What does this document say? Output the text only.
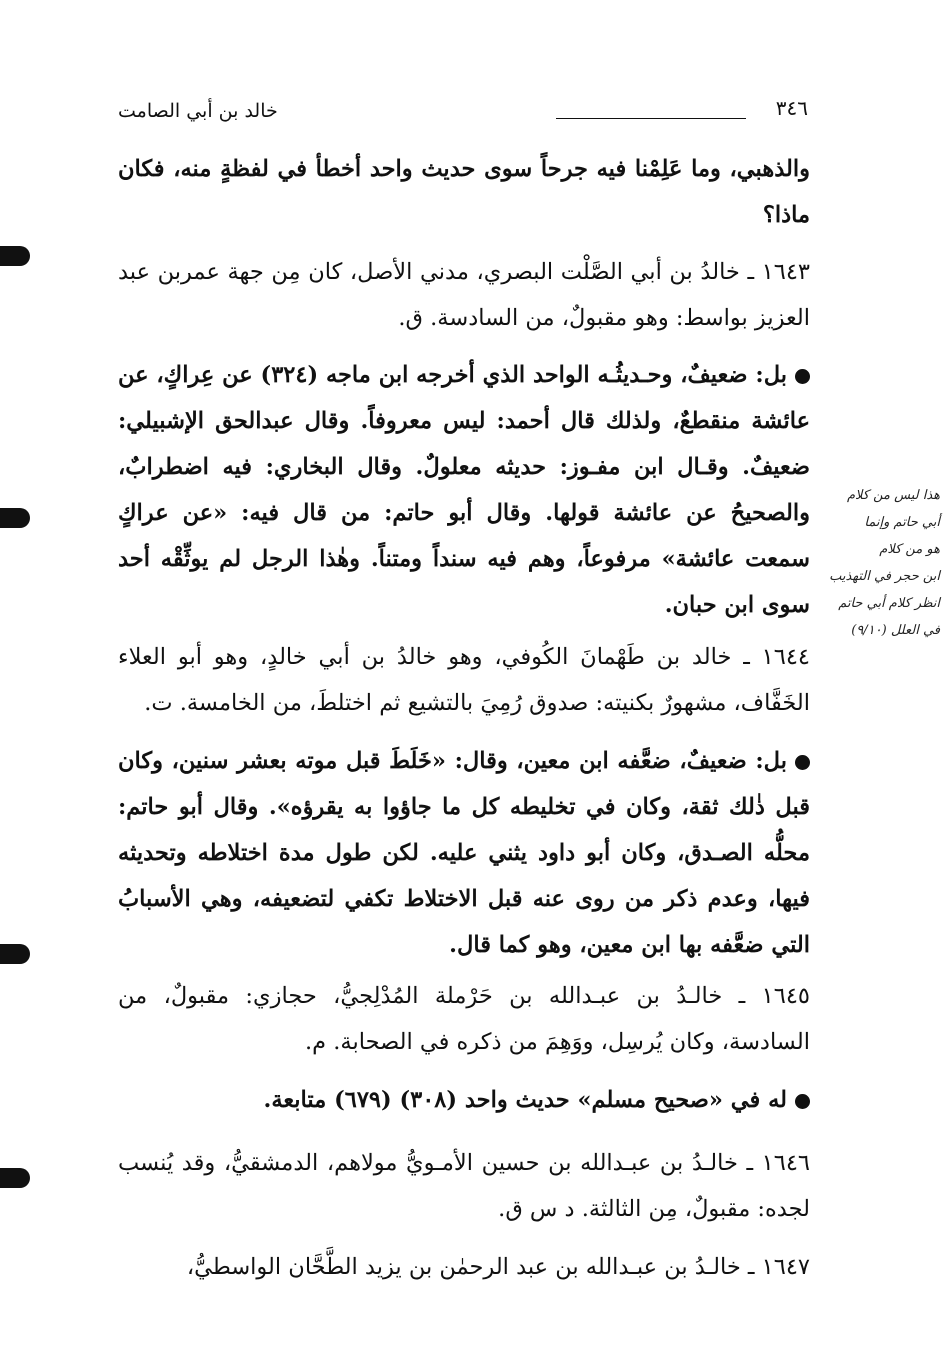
٣٤٦
خالد بن أبي الصامت

والذهبي، وما عَلِمْنا فيه جرحاً سوى حديث واحد أخطأ في لفظةٍ منه، فكان ماذا؟

١٦٤٣ ـ خالدُ بن أبي الصَّلْت البصري، مدني الأصل، كان مِن جهة عمربن عبد العزيز بواسط: وهو مقبولٌ، من السادسة. ق.

بل: ضعيفٌ، وحـديثُـه الواحد الذي أخرجه ابن ماجه (٣٢٤) عن عِراكٍ، عن عائشة منقطعٌ، ولذلك قال أحمد: ليس معروفاً. وقال عبدالحق الإشبيلي: ضعيفٌ. وقـال ابن مفـوز: حديثه معلولٌ. وقال البخاري: فيه اضطرابٌ، والصحيحُ عن عائشة قولها. وقال أبو حاتم: من قال فيه: «عن عراكٍ سمعت عائشة» مرفوعاً، وهم فيه سنداً ومتناً. وهٰذا الرجل لم يوثِّقْه أحد سوى ابن حبان.

١٦٤٤ ـ خالد بن طَهْمانَ الكُوفي، وهو خالدُ بن أبي خالدٍ، وهو أبو العلاء الخَفَّاف، مشهورٌ بكنيته: صدوق رُمِيَ بالتشيع ثم اختلطَ، من الخامسة. ت.

بل: ضعيفٌ، ضعَّفه ابن معين، وقال: «خَلَطَ قبل موته بعشر سنين، وكان قبل ذٰلك ثقة، وكان في تخليطه كل ما جاؤوا به يقرؤه». وقال أبو حاتم: محلُّه الصـدق، وكان أبو داود يثني عليه. لكن طول مدة اختلاطه وتحديثه فيها، وعدم ذكر من روى عنه قبل الاختلاط تكفي لتضعيفه، وهي الأسبابُ التي ضعَّفه بها ابن معين، وهو كما قال.

١٦٤٥ ـ خالـدُ بن عبـدالله بن حَرْملة المُدْلِجيُّ، حجازي: مقبولٌ، من السادسة، وكان يُرسِل، ووَهِمَ من ذكره في الصحابة. م.

له في «صحيح مسلم» حديث واحد (٣٠٨) (٦٧٩) متابعة.

١٦٤٦ ـ خالـدُ بن عبـدالله بن حسين الأمـويُّ مولاهم، الدمشقيُّ، وقد يُنسب لجده: مقبولٌ، مِن الثالثة. د س ق.

١٦٤٧ ـ خالـدُ بن عبـدالله بن عبد الرحمٰن بن يزيد الطَّحَّان الواسطيُّ،

هذا ليس من كلام
أبي حاتم وإنما
هو من كلام
ابن حجر في التهذيب
انظر كلام أبي حاتم
في العلل (٩/١٠)
